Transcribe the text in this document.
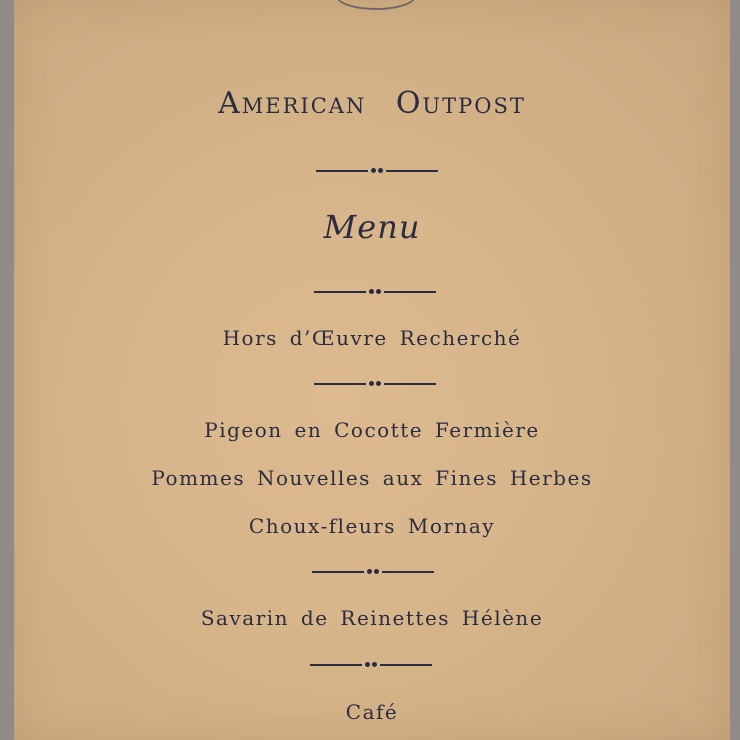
American Outpost
Menu
Hors d’Œuvre Recherché
Pigeon en Cocotte Fermière
Pommes Nouvelles aux Fines Herbes
Choux-fleurs Mornay
Savarin de Reinettes Hélène
Café
